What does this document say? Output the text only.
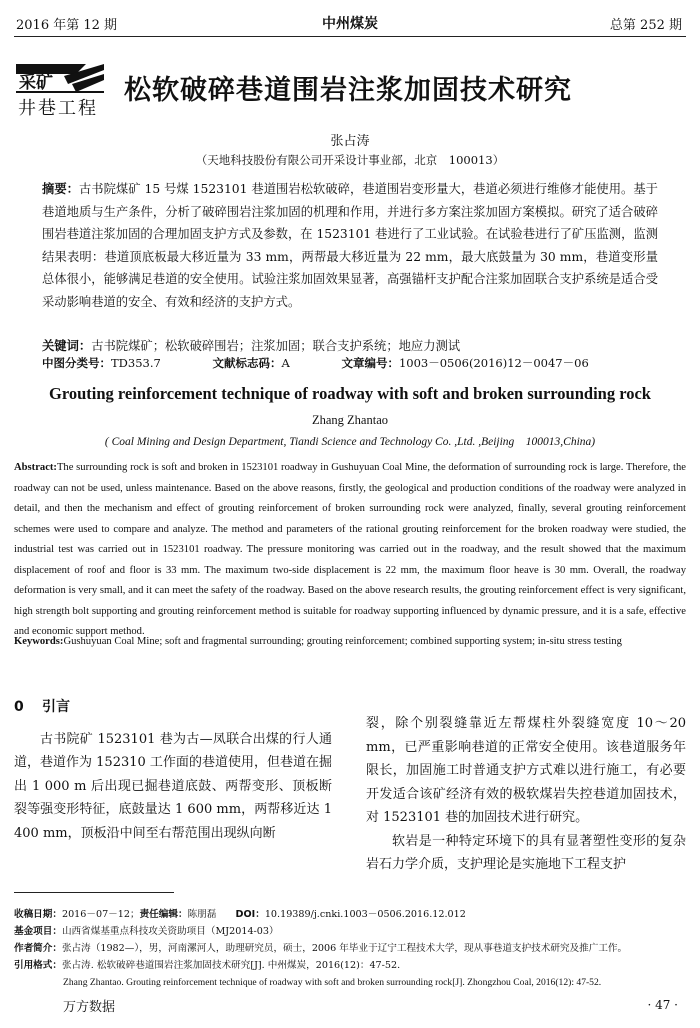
2016 年第 12 期	中州煤炭	总第 252 期
采矿
井巷工程
松软破碎巷道围岩注浆加固技术研究
张占涛
（天地科技股份有限公司开采设计事业部，北京　100013）
摘要：古书院煤矿 15 号煤 1523101 巷道围岩松软破碎，巷道围岩变形量大，巷道必须进行维修才能使用。基于巷道地质与生产条件，分析了破碎围岩注浆加固的机理和作用，并进行多方案注浆加固方案模拟。研究了适合破碎围岩巷道注浆加固的合理加固支护方式及参数，在 1523101 巷进行了工业试验。在试验巷进行了矿压监测，监测结果表明：巷道顶底板最大移近量为 33 mm，两帮最大移近量为 22 mm，最大底鼓量为 30 mm，巷道变形量总体很小，能够满足巷道的安全使用。试验注浆加固效果显著，高强锚杆支护配合注浆加固联合支护系统是适合受采动影响巷道的安全、有效和经济的支护方式。
关键词：古书院煤矿；松软破碎围岩；注浆加固；联合支护系统；地应力测试
中图分类号：TD353.7	文献标志码：A	文章编号：1003－0506(2016)12－0047－06
Grouting reinforcement technique of roadway with soft and broken surrounding rock
Zhang Zhantao
( Coal Mining and Design Department, Tiandi Science and Technology Co. ,Ltd. ,Beijing　100013,China)
Abstract:The surrounding rock is soft and broken in 1523101 roadway in Gushuyuan Coal Mine, the deformation of surrounding rock is large. Therefore, the roadway can not be used, unless maintenance. Based on the above reasons, firstly, the geological and production conditions of the roadway were analyzed in detail, and then the mechanism and effect of grouting reinforcement of broken surrounding rock were analyzed, finally, several grouting reinforcement schemes were used to compare and analyze. The method and parameters of the rational grouting reinforcement for the broken roadway were studied, the industrial test was carried out in 1523101 roadway. The pressure monitoring was carried out in the roadway, and the result showed that the maximum displacement of roof and floor is 33 mm. The maximum two-side displacement is 22 mm, the maximum floor heave is 30 mm. Overall, the roadway deformation is very small, and it can meet the safety of the roadway. Based on the above research results, the grouting reinforcement effect is very significant, high strength bolt supporting and grouting reinforcement method is suitable for roadway supporting influenced by dynamic pressure, and it is a safe, effective and economic support method.
Keywords:Gushuyuan Coal Mine; soft and fragmental surrounding; grouting reinforcement; combined supporting system; in-situ stress testing
0 引言

古书院矿 1523101 巷为古—凤联合出煤的行人通道，巷道作为 152310 工作面的巷道使用，但巷道在掘出 1 000 m 后出现已掘巷道底鼓、两帮变形、顶板断裂等强变形特征，底鼓量达 1 600 mm，两帮移近达 1 400 mm，顶板沿中间至右帮范围出现纵向断

裂，除个别裂缝靠近左帮煤柱外裂缝宽度 10～20 mm，已严重影响巷道的正常安全使用。该巷道服务年限长，加固施工时普通支护方式难以进行施工，有必要开发适合该矿经济有效的极软煤岩失控巷道加固技术，对 1523101 巷的加固技术进行研究。

软岩是一种特定环境下的具有显著塑性变形的复杂岩石力学介质，支护理论是实施地下工程支护

收稿日期：2016－07－12；责任编辑：陈朋磊   DOI：10.19389/j.cnki.1003－0506.2016.12.012
基金项目：山西省煤基重点科技攻关资助项目（MJ2014-03）
作者简介：张占涛（1982—），男，河南漯河人，助理研究员，硕士，2006 年毕业于辽宁工程技术大学，现从事巷道支护技术研究及推广工作。
引用格式：张占涛. 松软破碎巷道围岩注浆加固技术研究[J]. 中州煤炭，2016(12)：47-52.
Zhang Zhantao. Grouting reinforcement technique of roadway with soft and broken surrounding rock[J]. Zhongzhou Coal, 2016(12): 47-52.
万方数据	· 47 ·
